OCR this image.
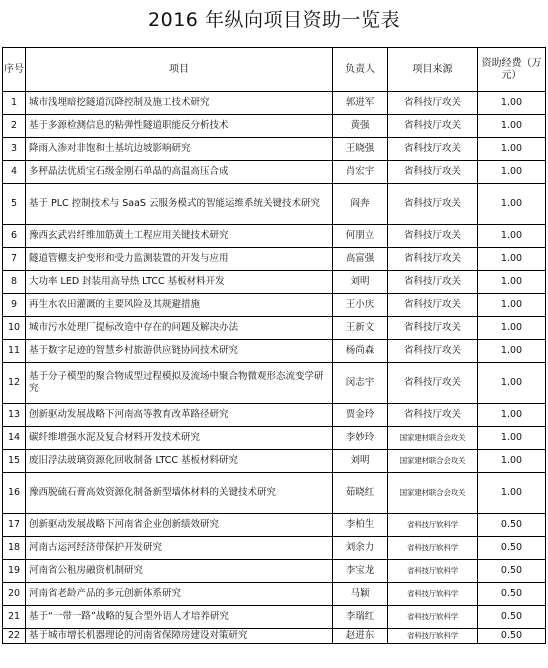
2016 年纵向项目资助一览表
序号	项目	负责人	项目来源	资助经费（万元）
1	城市浅埋暗挖隧道沉降控制及施工技术研究	郭进军	省科技厅攻关	1.00
2	基于多源检测信息的粘弹性隧道职能反分析技术	黄强	省科技厅攻关	1.00
3	降雨入渗对非饱和土基坑边坡影响研究	王晓强	省科技厅攻关	1.00
4	多秤晶法优质宝石级金刚石单晶的高温高压合成	肖宏宇	省科技厅攻关	1.00
5	基于 PLC 控制技术与 SaaS 云服务模式的智能运维系统关键技术研究	阎奔	省科技厅攻关	1.00
6	豫西玄武岩纤维加筋黄土工程应用关键技术研究	何朋立	省科技厅攻关	1.00
7	隧道管棚支护变形和受力监测装置的开发与应用	高富强	省科技厅攻关	1.00
8	大功率 LED 封装用高导热 LTCC 基板材料开发	刘明	省科技厅攻关	1.00
9	再生水农田灌溉的主要风险及其规避措施	王小庆	省科技厅攻关	1.00
10	城市污水处理厂提标改造中存在的问题及解决办法	王新文	省科技厅攻关	1.00
11	基于数字足迹的智慧乡村旅游供应链协同技术研究	杨尚森	省科技厅攻关	1.00
12	基于分子模型的聚合物成型过程模拟及流场中聚合物微观形态流变学研究	闵志宇	省科技厅攻关	1.00
13	创新驱动发展战略下河南高等教育改革路径研究	贾金玲	省科技厅攻关	1.00
14	碳纤维增强水泥及复合材料开发技术研究	李妙玲	国家建材联合会攻关	1.00
15	废旧浮法玻璃资源化回收制备 LTCC 基板材料研究	刘明	国家建材联合会攻关	1.00
16	豫西脱硫石膏高效资源化制备新型墙体材料的关键技术研究	茹晓红	国家建材联合会攻关	1.00
17	创新驱动发展战略下河南省企业创新绩效研究	李柏生	省科技厅软科学	0.50
18	河南古运河经济带保护开发研究	刘余力	省科技厅软科学	0.50
19	河南省公租房融资机制研究	李宝龙	省科技厅软科学	0.50
20	河南省老龄产品的多元创新体系研究	马颖	省科技厅软科学	0.50
21	基于“一带一路”战略的复合型外语人才培养研究	李瑞红	省科技厅软科学	0.50
22	基于城市增长机器理论的河南省保障房建设对策研究	赵进东	省科技厅软科学	0.50
